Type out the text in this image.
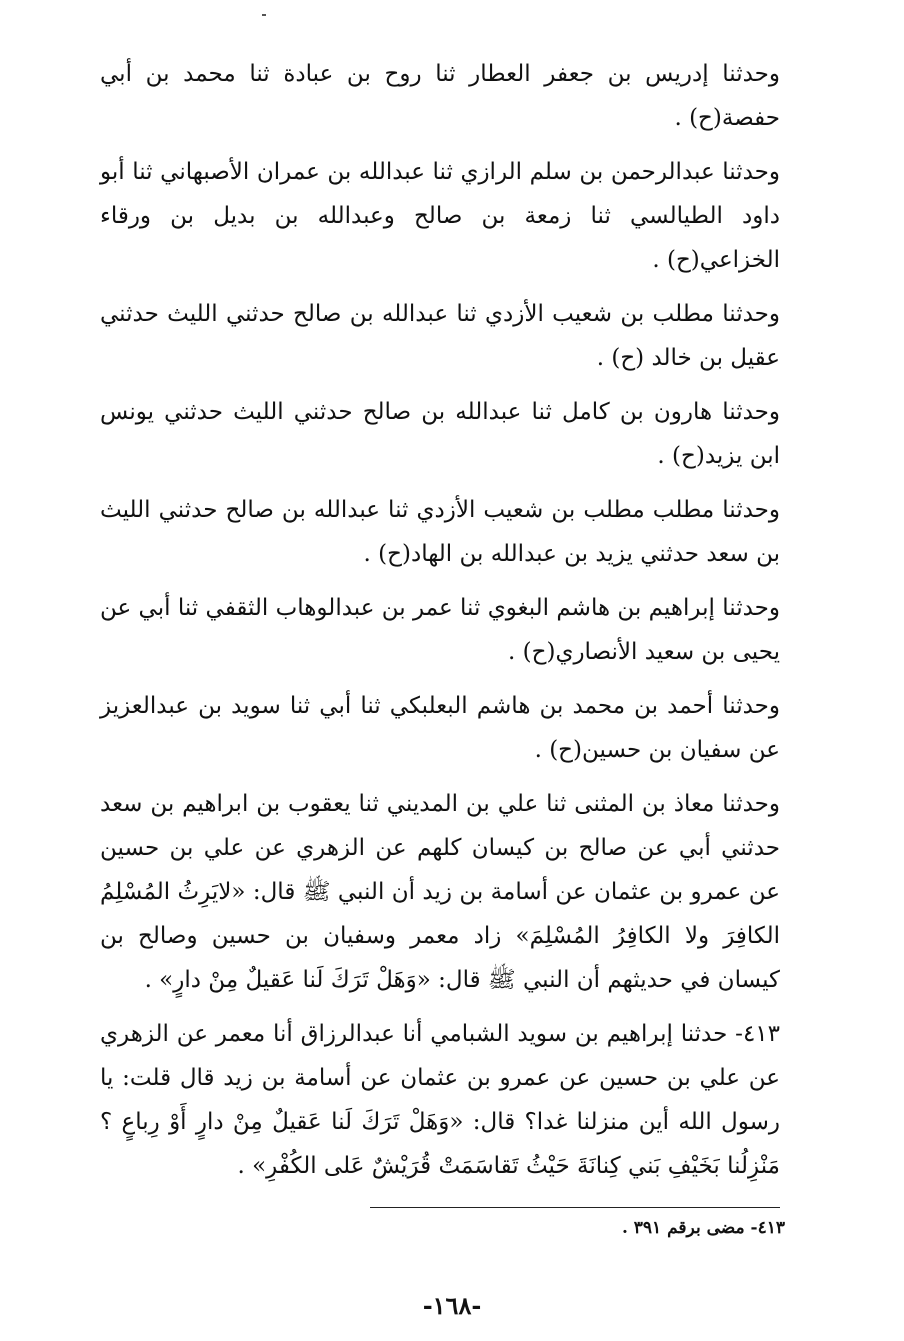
وحدثنا إدريس بن جعفر العطار ثنا روح بن عبادة ثنا محمد بن أبي حفصة(ح) .

وحدثنا عبدالرحمن بن سلم الرازي ثنا عبدالله بن عمران الأصبهاني ثنا أبو داود الطيالسي ثنا زمعة بن صالح وعبدالله بن بديل بن ورقاء الخزاعي(ح) .

وحدثنا مطلب بن شعيب الأزدي ثنا عبدالله بن صالح حدثني الليث حدثني عقيل بن خالد (ح) .

وحدثنا هارون بن كامل ثنا عبدالله بن صالح حدثني الليث حدثني يونس ابن يزيد(ح) .

وحدثنا مطلب مطلب بن شعيب الأزدي ثنا عبدالله بن صالح حدثني الليث بن سعد حدثني يزيد بن عبدالله بن الهاد(ح) .

وحدثنا إبراهيم بن هاشم البغوي ثنا عمر بن عبدالوهاب الثقفي ثنا أبي عن يحيى بن سعيد الأنصاري(ح) .

وحدثنا أحمد بن محمد بن هاشم البعلبكي ثنا أبي ثنا سويد بن عبدالعزيز عن سفيان بن حسين(ح) .

وحدثنا معاذ بن المثنى ثنا علي بن المديني ثنا يعقوب بن ابراهيم بن سعد حدثني أبي عن صالح بن كيسان كلهم عن الزهري عن علي بن حسين عن عمرو بن عثمان عن أسامة بن زيد أن النبي ﷺ قال: «لايَرِثُ المُسْلِمُ الكافِرَ ولا الكافِرُ المُسْلِمَ» زاد معمر وسفيان بن حسين وصالح بن كيسان في حديثهم أن النبي ﷺ قال: «وَهَلْ تَرَكَ لَنا عَقيلٌ مِنْ دارٍ» .

٤١٣- حدثنا إبراهيم بن سويد الشبامي أنا عبدالرزاق أنا معمر عن الزهري عن علي بن حسين عن عمرو بن عثمان عن أسامة بن زيد قال قلت: يا رسول الله أين منزلنا غدا؟ قال: «وَهَلْ تَرَكَ لَنا عَقيلٌ مِنْ دارٍ أَوْ رِباعٍ ؟ مَنْزِلُنا بَخَيْفِ بَني كِنانَةَ حَيْثُ تَقاسَمَتْ قُرَيْشٌ عَلى الكُفْرِ» .

٤١٣- مضى برقم ٣٩١ .
-١٦٨-
